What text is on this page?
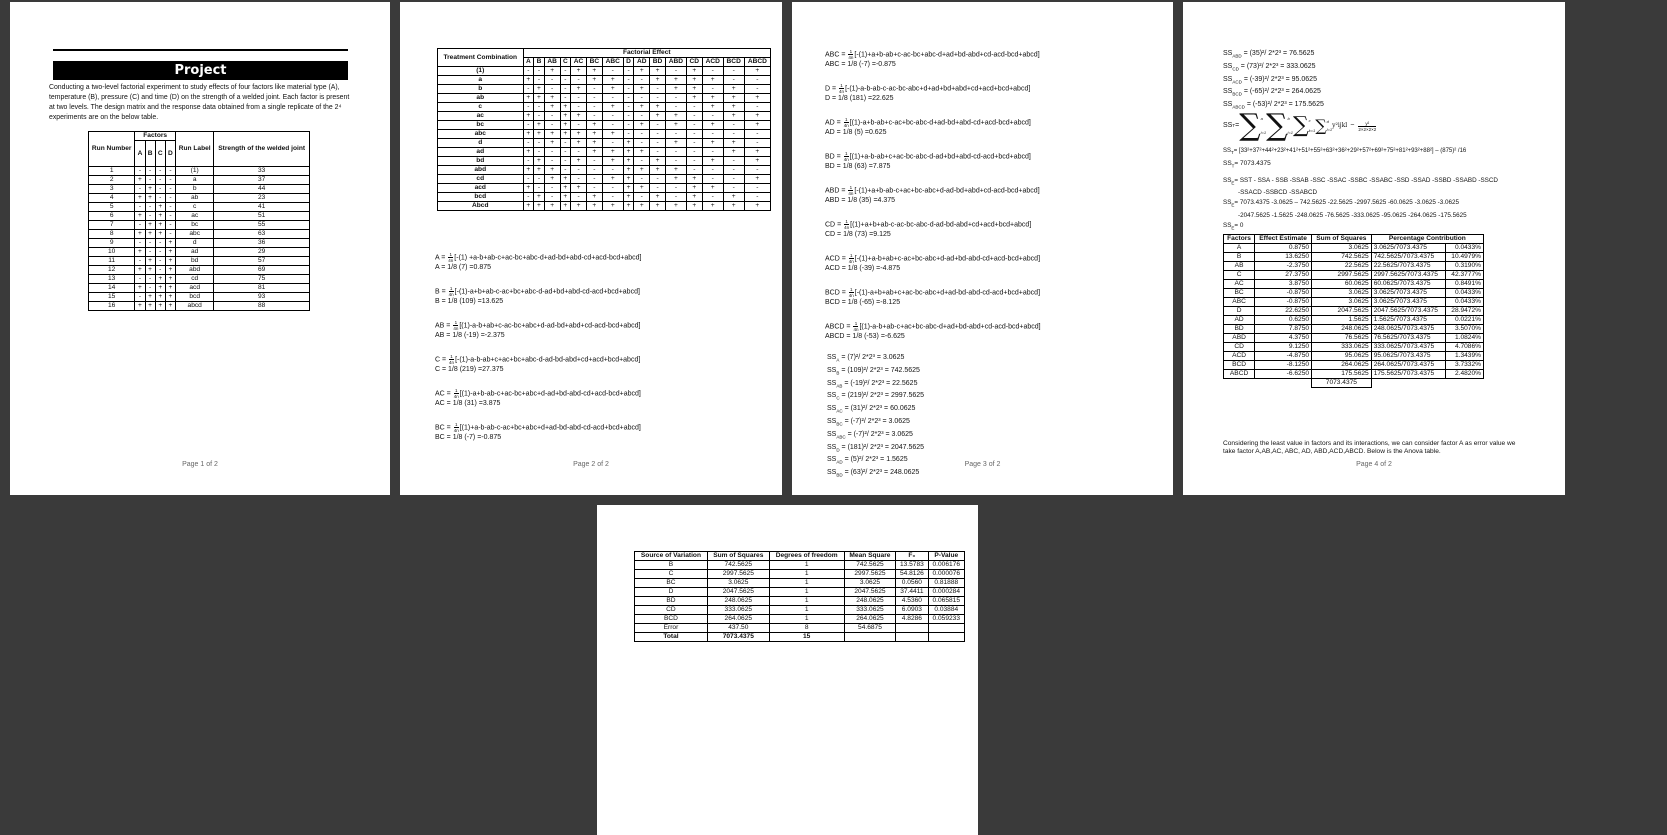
Project
Conducting a two-level factorial experiment to study effects of four factors like material type (A), temperature (B), pressure (C) and time (D) on the strength of a welded joint. Each factor is present at two levels. The design matrix and the response data obtained from a single replicate of the 2⁴ experiments are on the below table.
Run Number	Factors				Run Label	Strength of the welded joint
	A	B	C	D		
1	-	-	-	-	(1)	33
2	+	-	-	-	a	37
3	-	+	-	-	b	44
4	+	+	-	-	ab	23
5	-	-	+	-	c	41
6	+	-	+	-	ac	51
7	-	+	+	-	bc	55
8	+	+	+	-	abc	63
9	-	-	-	+	d	36
10	+	-	-	+	ad	29
11	-	+	-	+	bd	57
12	+	+	-	+	abd	69
13	-	-	+	+	cd	75
14	+	-	+	+	acd	81
15	-	+	+	+	bcd	93
16	+	+	+	+	abcd	88
Page 1 of 2
Treatment Combination	Factorial Effect														
	A	B	AB	C	AC	BC	ABC	D	AD	BD	ABD	CD	ACD	BCD	ABCD
(1)	-	-	+	-	+	+	-	-	+	+	-	+	-	-	+
a	+	-	-	-	-	+	+	-	-	+	+	+	+	-	-
b	-	+	-	-	+	-	+	-	+	-	+	+	-	+	-
ab	+	+	+	-	-	-	-	-	-	-	-	+	+	+	+
c	-	-	+	+	-	-	+	-	+	+	-	-	+	+	-
ac	+	-	-	+	+	-	-	-	-	+	+	-	-	+	+
bc	-	+	-	+	-	+	-	-	+	-	+	-	+	-	+
abc	+	+	+	+	+	+	+	-	-	-	-	-	-	-	-
d	-	-	+	-	+	+	-	+	-	-	+	-	+	+	-
ad	+	-	-	-	-	+	+	+	+	-	-	-	-	+	+
bd	-	+	-	-	+	-	+	+	-	+	-	-	+	-	+
abd	+	+	+	-	-	-	-	+	+	+	+	-	-	-	-
cd	-	-	+	+	-	-	+	+	-	-	+	+	-	-	+
acd	+	-	-	+	+	-	-	+	+	-	-	+	+	-	-
bcd	-	+	-	+	-	+	-	+	-	+	-	+	-	+	-
Abcd	+	+	+	+	+	+	+	+	+	+	+	+	+	+	+
$A = \frac{1}{4n} [-(1)$ +a-b+ab-c+ac-bc+abc-d+ad-bd+abd-cd+acd-bcd+abcd]
A = 1/8 (7) =0.875
$B = \frac{1}{4n}$ [-(1)-a+b+ab-c-ac+bc+abc-d-ad+bd+abd-cd-acd+bcd+abcd]
B = 1/8 (109) =13.625
AB = $\frac{1}{4n}$ [(1)-a-b+ab+c-ac-bc+abc+d-ad-bd+abd+cd-acd-bcd+abcd]
AB = 1/8 (-19) =-2.375
$C = \frac{1}{4n}$ [-(1)-a-b-ab+c+ac+bc+abc-d-ad-bd-abd+cd+acd+bcd+abcd]
C = 1/8 (219) =27.375
AC = $\frac{1}{4n}$ [(1)-a+b-ab-c+ac-bc+abc+d-ad+bd-abd-cd+acd-bcd+abcd]
AC = 1/8 (31) =3.875
BC = $\frac{1}{4n}$ [(1)+a-b-ab-c-ac+bc+abc+d+ad-bd-abd-cd-acd+bcd+abcd]
BC = 1/8 (-7) =-0.875
Page 2 of 2
ABC = $\frac{1}{4n}$ [-(1)+a+b-ab+c-ac-bc+abc-d+ad+bd-abd+cd-acd-bcd+abcd]
ABC = 1/8 (-7) =-0.875
$D = \frac{1}{4n}$ [-(1)-a-b-ab-c-ac-bc-abc+d+ad+bd+abd+cd+acd+bcd+abcd]
D = 1/8 (181) =22.625
AD = $\frac{1}{4n}$ [(1)-a+b-ab+c-ac+bc-abc-d+ad-bd+abd-cd+acd-bcd+abcd]
AD = 1/8 (5) =0.625
BD = $\frac{1}{4n}$ [(1)+a-b-ab+c+ac-bc-abc-d-ad+bd+abd-cd-acd+bcd+abcd]
BD = 1/8 (63) =7.875
ABD = $\frac{1}{4n}$ [-(1)+a+b-ab-c+ac+bc-abc+d-ad-bd+abd+cd-acd-bcd+abcd]
ABD = 1/8 (35) =4.375
CD = $\frac{1}{4n}$ [(1)+a+b+ab-c-ac-bc-abc-d-ad-bd-abd+cd+acd+bcd+abcd]
CD = 1/8 (73) =9.125
ACD = $\frac{1}{4n}$ [-(1)+a-b+ab+c-ac+bc-abc+d-ad+bd-abd-cd+acd-bcd+abcd]
ACD = 1/8 (-39) =-4.875
BCD = $\frac{1}{4n}$ [-(1)-a+b+ab+c+ac-bc-abc+d+ad-bd-abd-cd-acd+bcd+abcd]
BCD = 1/8 (-65) =-8.125
ABCD = $\frac{1}{4n}$ [(1)-a-b+ab-c+ac+bc-abc-d+ad+bd-abd+cd-acd-bcd+abcd]
ABCD = 1/8 (-53) =-6.625
$SS_A = (7)^2/$ 2*2³ = 3.0625
$SS_B = (109)^2/$ 2*2³ = 742.5625
$SS_{AB} = (-19)^2/$ 2*2³ = 22.5625
$SS_C = (219)^2/$ 2*2³ = 2997.5625
$SS_{AC} = (31)^2/$ 2*2³ = 60.0625
$SS_{BC} = (-7)^2/$ 2*2³ = 3.0625
$SS_{ABC} = (-7)^2/$ 2*2³ = 3.0625
$SS_D = (181)^2/$ 2*2³ = 2047.5625
$SS_{AD} = (5)^2/$ 2*2³ = 1.5625
$SS_{BD} = (63)^2/$ 2*2³ = 248.0625
Page 3 of 2
$SS_{ABD} = (35)^2/$ 2*2³ = 76.5625
$SS_{CD} = (73)^2/$ 2*2³ = 333.0625
$SS_{ACD} = (-39)^2/$ 2*2³ = 95.0625
$SS_{BCD} = (-65)^2/$ 2*2³ = 264.0625
$SS_{ABCD} = (-53)^2/$ 2*2³ = 175.5625
SS T = ∑ a
i=1 ∑ b
j=1 ∑ c
k=1 ∑ d
l=1
y²ijkl − $\frac{\text{y²}}{2\times 2\times 2\times 2}$
$SS_T= [33^2+37^2+44^2+23^2+41^2+51^2+55^2+63^2+36^2+29^2+57^2+69^2+75^2+81^2+93^2+88^2] - (875)^2$ /16
$SS_T= 7073.4375$
$SS_E=$ SST - SSA - SSB -SSAB -SSC -SSAC -SSBC -SSABC -SSD -SSAD -SSBD -SSABD -SSCD
-SSACD -SSBCD -SSABCD
$SS_E= 7073.4375$ -3.0625 – 742.5625 -22.5625 -2997.5625 -60.0625 -3.0625 -3.0625
-2047.5625 -1.5625 -248.0625 -76.5625 -333.0625 -95.0625 -264.0625 -175.5625
$SS_E= 0$
Factors	Effect Estimate	Sum of Squares	Percentage Contribution	
A	0.8750	3.0625	3.0625/7073.4375	0.0433%
B	13.6250	742.5625	742.5625/7073.4375	10.4979%
AB	-2.3750	22.5625	22.5625/7073.4375	0.3190%
C	27.3750	2997.5625	2997.5625/7073.4375	42.3777%
AC	3.8750	60.0625	60.0625/7073.4375	0.8491%
BC	-0.8750	3.0625	3.0625/7073.4375	0.0433%
ABC	-0.8750	3.0625	3.0625/7073.4375	0.0433%
D	22.6250	2047.5625	2047.5625/7073.4375	28.9472%
AD	0.6250	1.5625	1.5625/7073.4375	0.0221%
BD	7.8750	248.0625	248.0625/7073.4375	3.5070%
ABD	4.3750	76.5625	76.5625/7073.4375	1.0824%
CD	9.1250	333.0625	333.0625/7073.4375	4.7086%
ACD	-4.8750	95.0625	95.0625/7073.4375	1.3439%
BCD	-8.1250	264.0625	264.0625/7073.4375	3.7332%
ABCD	-6.6250	175.5625	175.5625/7073.4375	2.4820%
		7073.4375		
Considering the least value in factors and its interactions, we can consider factor A as error value we take factor A,AB,AC, ABC, AD, ABD,ACD,ABCD. Below is the Anova table.
Page 4 of 2
Source of Variation	Sum of Squares	Degrees of freedom	Mean Square	F₀	P-Value
B	742.5625	1	742.5625	13.5783	0.006176
C	2997.5625	1	2997.5625	54.8126	0.000076
BC	3.0625	1	3.0625	0.0560	0.81888
D	2047.5625	1	2047.5625	37.4411	0.000284
BD	248.0625	1	248.0625	4.5360	0.065815
CD	333.0625	1	333.0625	6.0903	0.03884
BCD	264.0625	1	264.0625	4.8286	0.059233
Error	437.50	8	54.6875		
Total	7073.4375	15			
